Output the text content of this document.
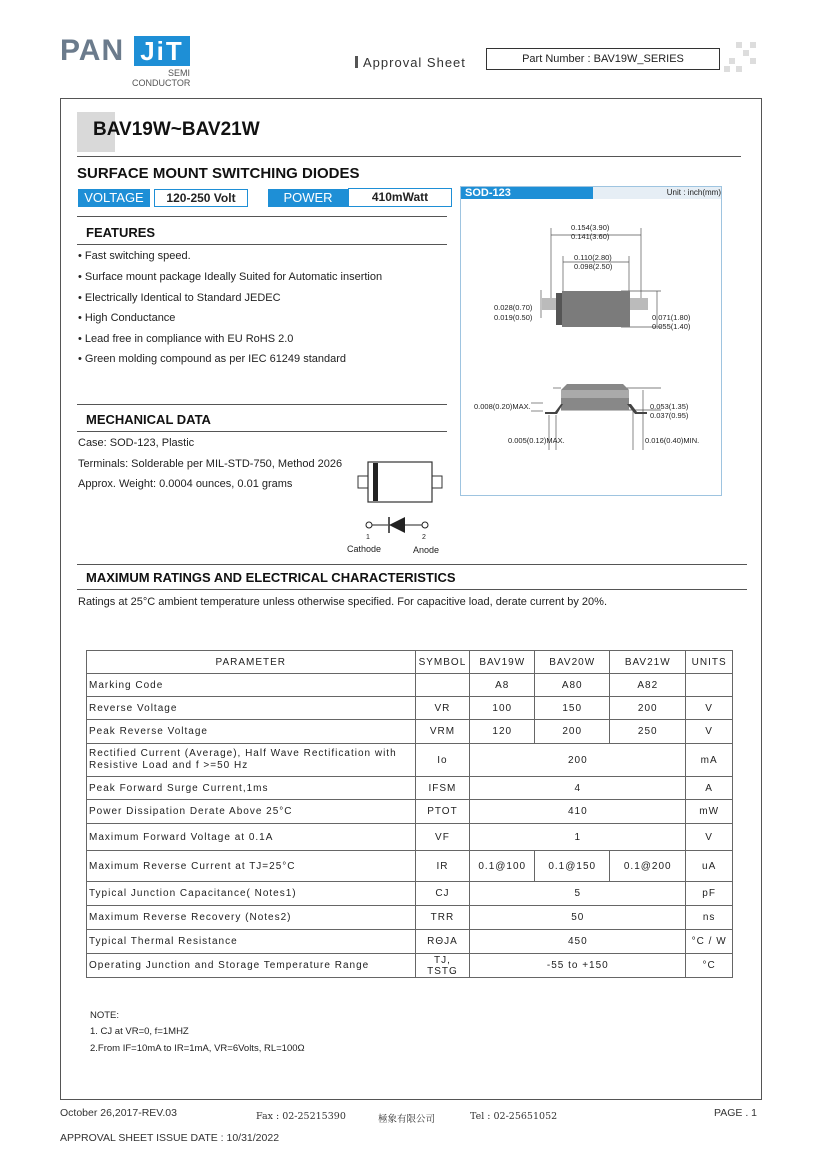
PAN JiT
SEMI
CONDUCTOR
Approval Sheet	Part Number : BAV19W_SERIES
BAV19W~BAV21W
SURFACE MOUNT SWITCHING DIODES
VOLTAGE	120-250 Volt	POWER	410mWatt
FEATURES
• Fast switching speed.
• Surface mount package Ideally Suited for Automatic insertion
• Electrically Identical to Standard JEDEC
• High Conductance
• Lead free in compliance with EU RoHS 2.0
• Green molding compound as per IEC 61249 standard
MECHANICAL DATA
Case: SOD-123, Plastic
Terminals: Solderable per MIL-STD-750, Method 2026
Approx. Weight: 0.0004 ounces, 0.01 grams
1	2
Cathode	Anode
SOD-123	Unit : inch(mm)
0.154(3.90)
0.141(3.60)
0.110(2.80)
0.098(2.50)
0.028(0.70)
0.019(0.50)	0.071(1.80)
0.055(1.40)
0.008(0.20)MAX.	0.053(1.35)
0.037(0.95)
0.005(0.12)MAX.	0.016(0.40)MIN.
MAXIMUM RATINGS AND ELECTRICAL CHARACTERISTICS
Ratings at 25°C ambient temperature unless otherwise specified. For capacitive load, derate current by 20%.
PARAMETER	SYMBOL	BAV19W	BAV20W	BAV21W	UNITS
Marking Code		A8	A80	A82	
Reverse Voltage	VR	100	150	200	V
Peak Reverse Voltage	VRM	120	200	250	V
Rectified Current (Average), Half Wave Rectification with Resistive Load and f >=50 Hz	Io	200			mA
Peak Forward Surge Current,1ms	IFSM	4			A
Power Dissipation Derate Above 25°C	PTOT	410			mW
Maximum Forward Voltage at 0.1A	VF	1			V
Maximum Reverse Current at TJ=25°C	IR	0.1@100	0.1@150	0.1@200	uA
Typical Junction Capacitance( Notes1)	CJ	5			pF
Maximum Reverse Recovery (Notes2)	TRR	50			ns
Typical Thermal Resistance	RΘJA	450			°C / W
Operating Junction and Storage Temperature Range	TJ, TSTG	-55 to +150			°C
NOTE:
1. CJ at VR=0, f=1MHZ
2.From IF=10mA to IR=1mA, VR=6Volts, RL=100Ω
October 26,2017-REV.03	Fax : 02-25215390	極象有限公司	Tel : 02-25651052	PAGE . 1
APPROVAL SHEET ISSUE DATE : 10/31/2022
